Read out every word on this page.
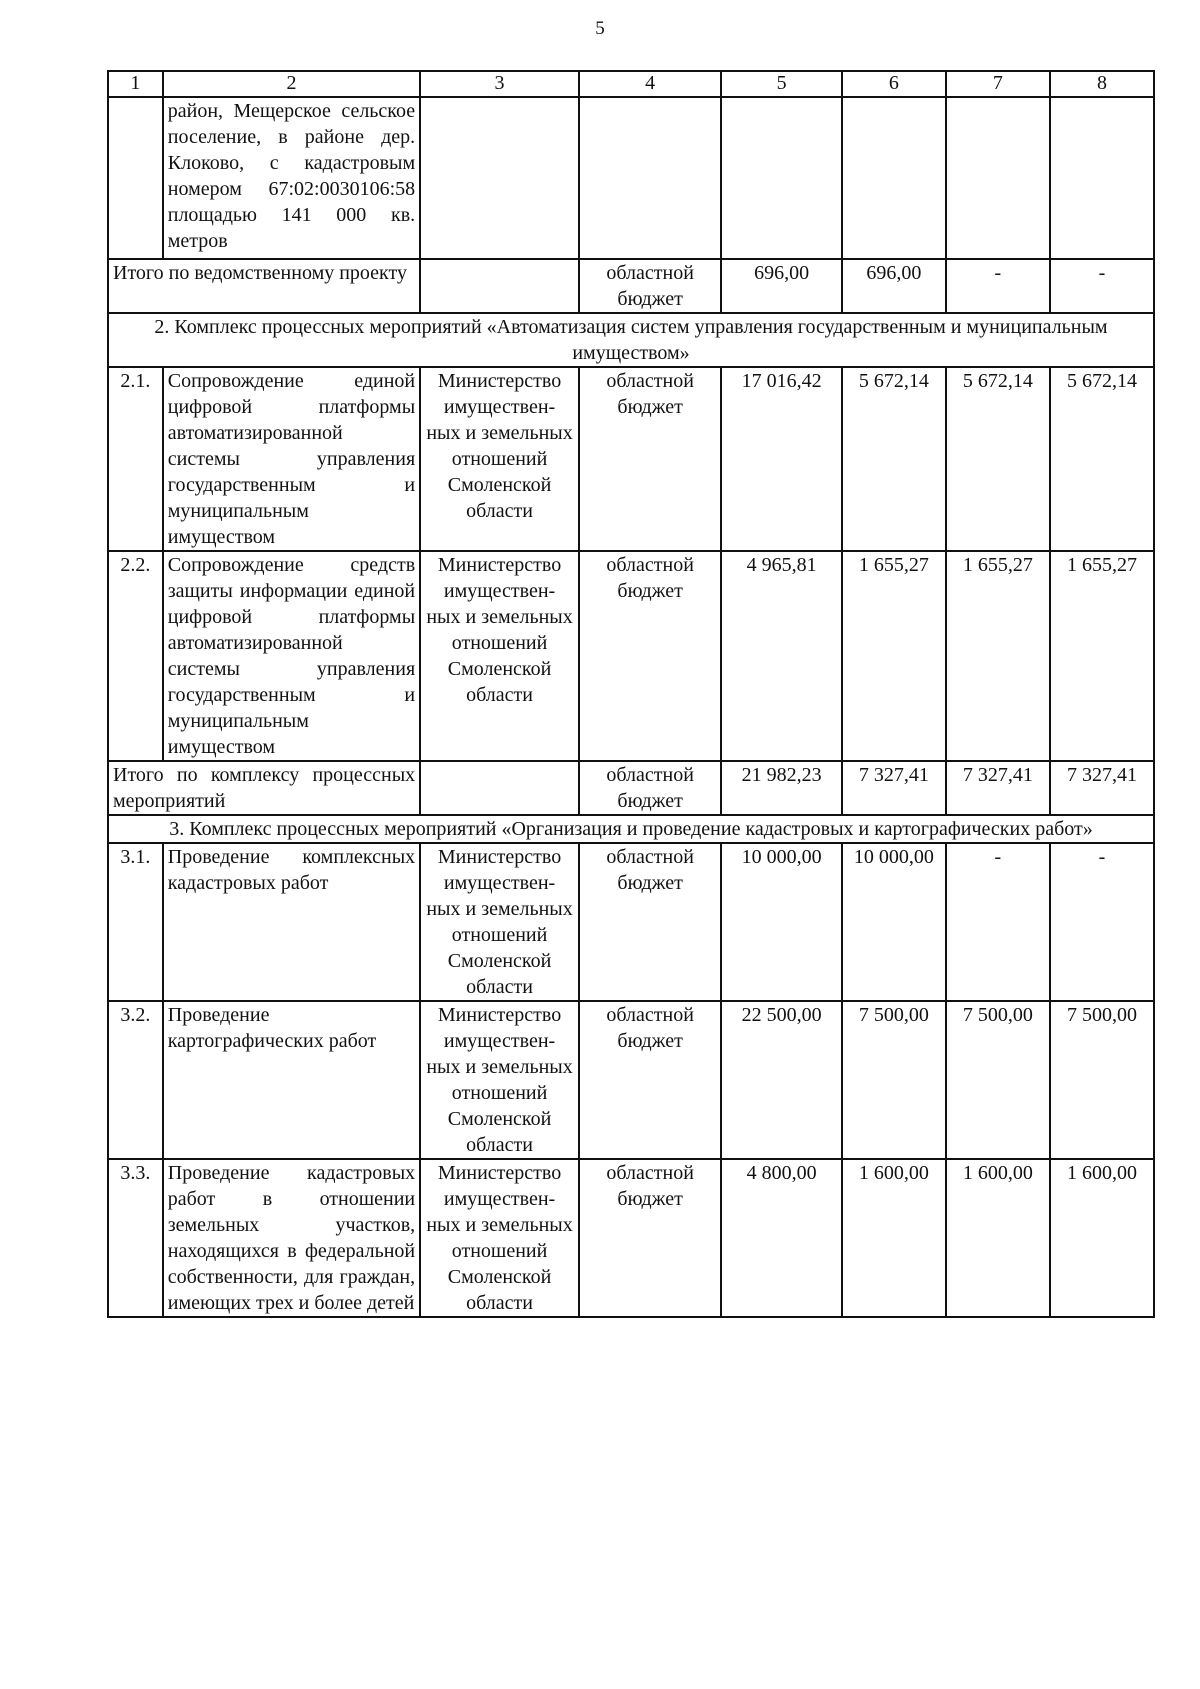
5
1	2	3	4	5	6	7	8
	район, Мещерское сельское поселение, в районе дер. Клоково, с кадастровым номером 67:02:0030106:58 площадью 141 000 кв. метров						
Итого по ведомственному проекту			областной бюджет	696,00	696,00	-	-
2. Комплекс процессных мероприятий «Автоматизация систем управления государственным и муниципальным имуществом»							
2.1.	Сопровождение единой цифровой платформы автоматизированной системы управления государственным и муниципальным имуществом	Министерство имуществен- ных и земельных отношений Смоленской области	областной бюджет	17 016,42	5 672,14	5 672,14	5 672,14
2.2.	Сопровождение средств защиты информации единой цифровой платформы автоматизированной системы управления государственным и муниципальным имуществом	Министерство имуществен- ных и земельных отношений Смоленской области	областной бюджет	4 965,81	1 655,27	1 655,27	1 655,27
Итого по комплексу процессных мероприятий			областной бюджет	21 982,23	7 327,41	7 327,41	7 327,41
3. Комплекс процессных мероприятий «Организация и проведение кадастровых и картографических работ»							
3.1.	Проведение комплексных кадастровых работ	Министерство имуществен- ных и земельных отношений Смоленской области	областной бюджет	10 000,00	10 000,00	-	-
3.2.	Проведение картографических работ	Министерство имуществен- ных и земельных отношений Смоленской области	областной бюджет	22 500,00	7 500,00	7 500,00	7 500,00
3.3.	Проведение кадастровых работ в отношении земельных участков, находящихся в федеральной собственности, для граждан, имеющих трех и более детей	Министерство имуществен- ных и земельных отношений Смоленской области	областной бюджет	4 800,00	1 600,00	1 600,00	1 600,00
